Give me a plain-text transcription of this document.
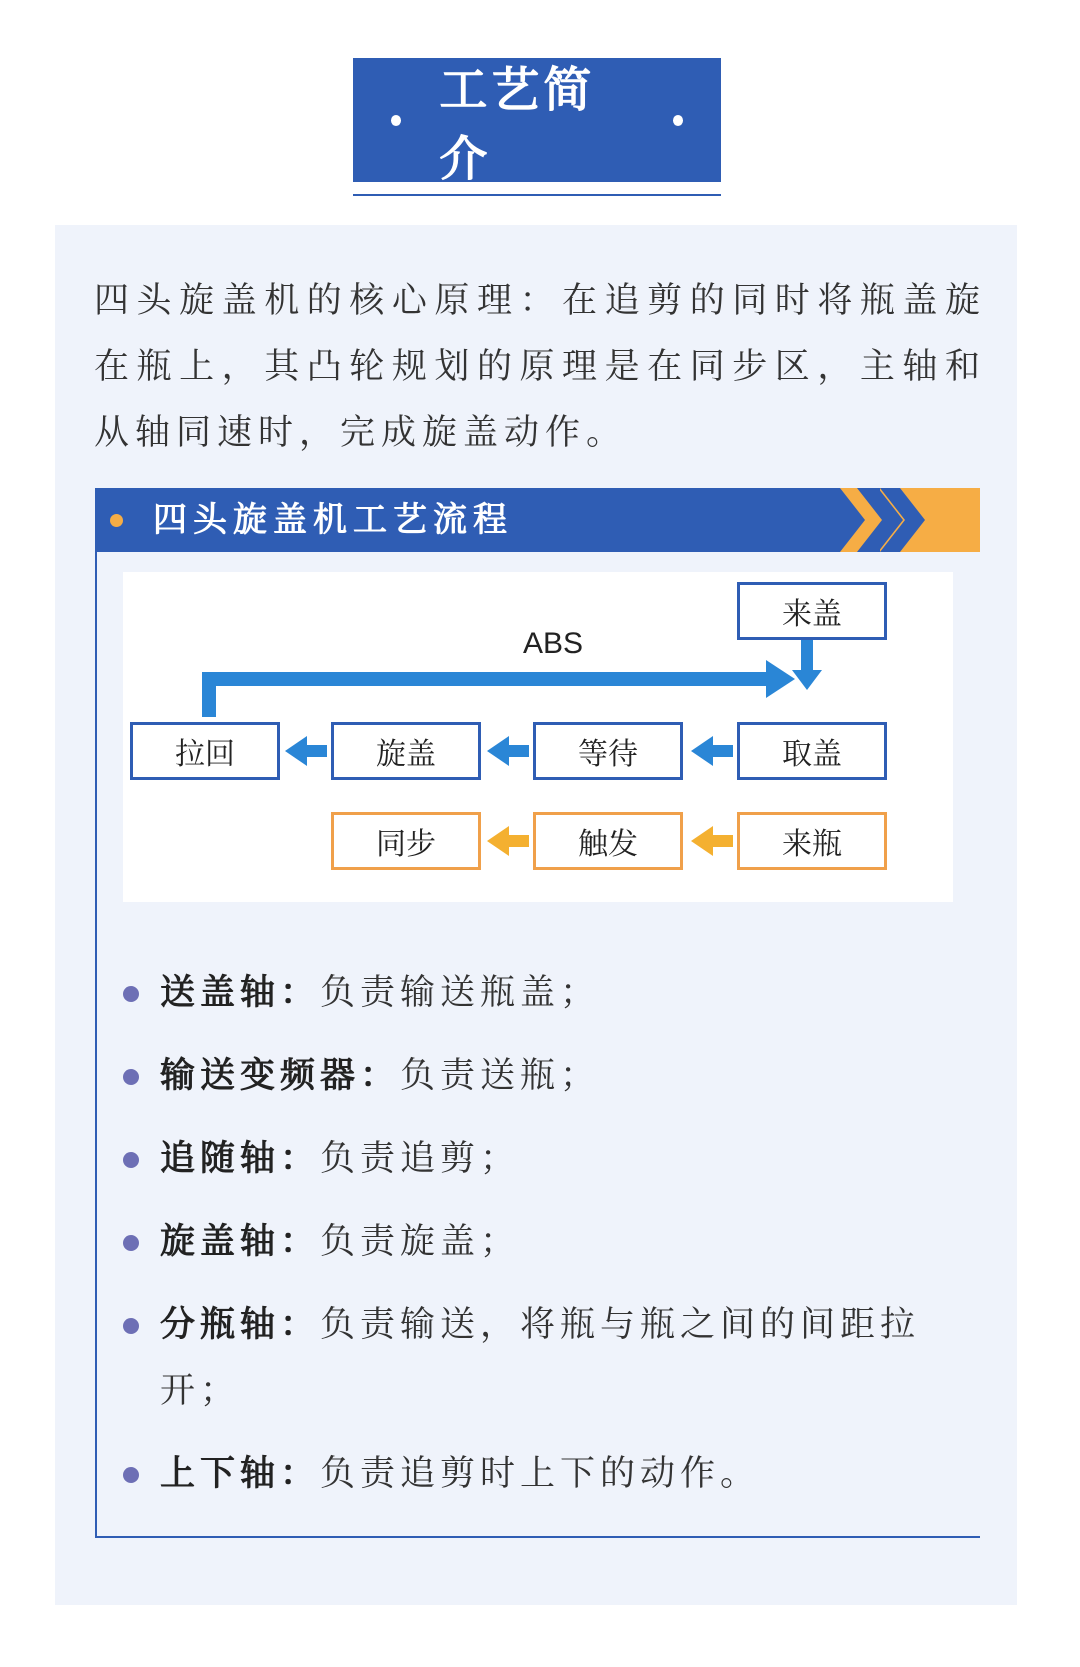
工艺简介

四头旋盖机的核心原理：在追剪的同时将瓶盖旋在瓶上，其凸轮规划的原理是在同步区，主轴和从轴同速时，完成旋盖动作。

四头旋盖机工艺流程
ABS
来盖
取盖
等待
旋盖
拉回
来瓶
触发
同步
送盖轴：负责输送瓶盖；
输送变频器：负责送瓶；
追随轴：负责追剪；
旋盖轴：负责旋盖；
分瓶轴：负责输送，将瓶与瓶之间的间距拉开；
上下轴：负责追剪时上下的动作。
